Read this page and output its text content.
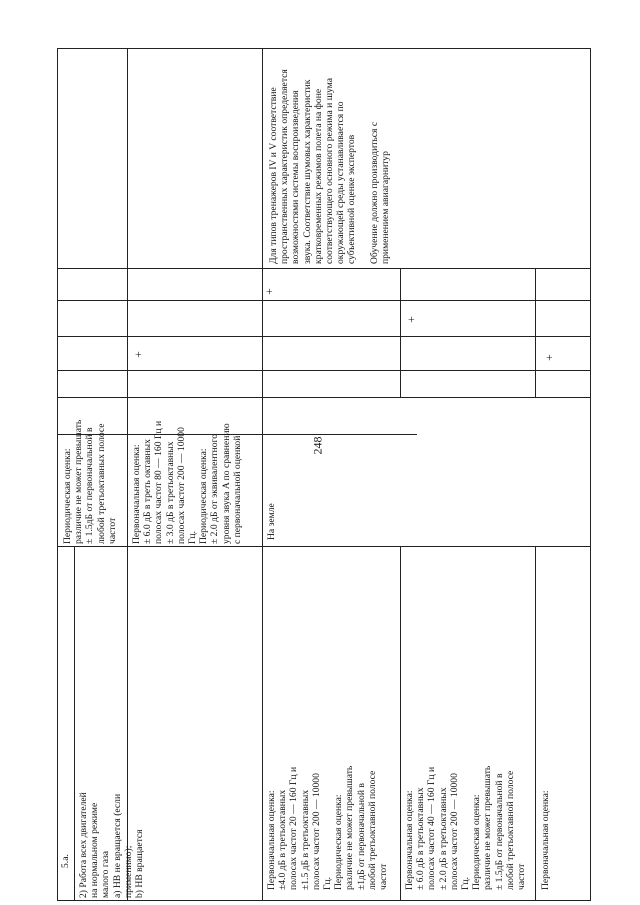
248
5.a. 2) Работа всех двигателей на нормальном режиме малого газа a) HB не вращается (если применимо); b) HB вращается
Периодическая оценка: различие не может превышать ± 1.5дБ от первоначальной в любой третьоктавных полосе частот Первоначальная оценка: ± 6.0 дБ в треть октавных полосах частот 80 — 160 Гц и ± 3.0 дБ в третьоктавных полосах частот 200 — 10000 Гц. Периодическая оценка: ± 2.0 дБ от эквивалентного уровня звука A по сравнению с первоначальной оценкой
Первоначальная оценка: ±4.0 дБ в третьоктавных полосах частот 20 — 160 Гц и ±1.5 дБ в третьоктавных полосах частот 200 — 10000 Гц. Периодическая оценка: различие не может превышать ±1дБ от первоначальной в любой третьоктавной полосе частот Первоначальная оценка: ± 6.0 дБ в третьоктавных полосах частот 40 — 160 Гц и ± 2.0 дБ в третьоктавных полосах частот 200 — 10000 Гц. Периодическая оценка: различие не может превышать ± 1.5дБ от первоначальной в любой третьоктавной полосе частот Первоначальная оценка:
На земле
+
+
+
+
Для типов тренажеров IV и V соответствие пространственных характеристик определяется возможностями системы воспроизведения звука. Соответствие шумовых характеристик кратковременных режимов полета на фоне соответствующего основного режима и шума окружающей среды устанавливается по субъективной оценке экспертов Обучение должно производиться с применением авиагарнитур
